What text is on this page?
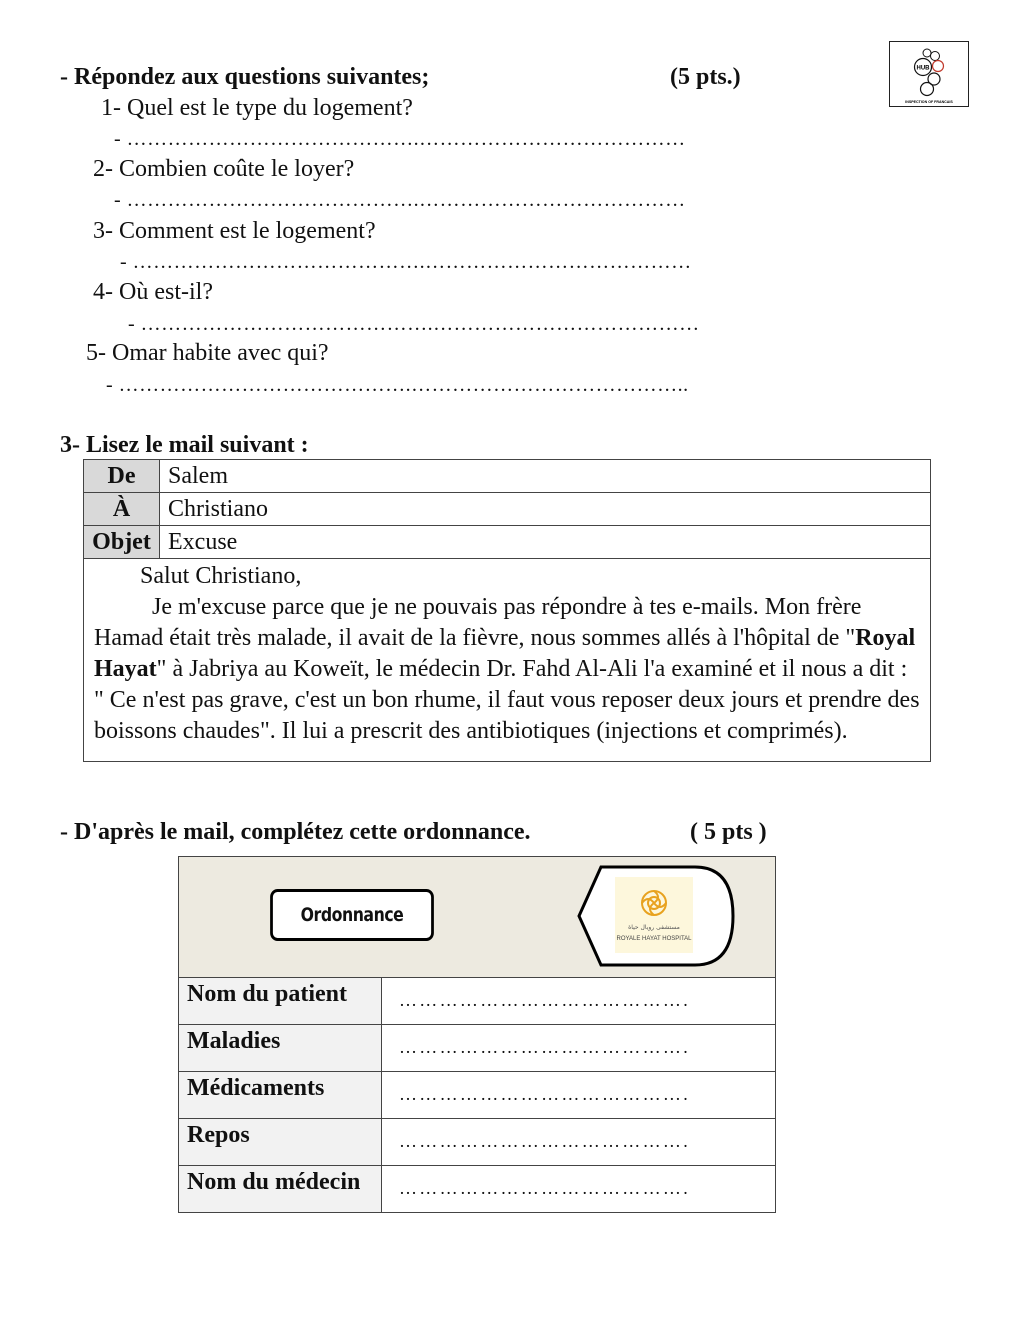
HUB
INSPECTION OF FRANCAIS
- Répondez aux questions suivantes;	(5 pts.)
1- Quel est le type du logement?
- …………………………………….…………………………………
2- Combien coûte le loyer?
- …………………………………….…………………………………
3- Comment est le logement?
- …………………………………….…………………………………
4- Où est-il?
- …………………………………….…………………………………
5- Omar habite avec qui?
- …………………………………….…………………………………..
3- Lisez le mail suivant :
De	Salem
À	Christiano
Objet	Excuse

Salut Christiano,
Je m'excuse parce que je ne pouvais pas répondre à tes e-mails. Mon frère Hamad était très malade, il avait de la fièvre, nous sommes allés à l'hôpital de "Royal Hayat" à Jabriya au Koweït, le médecin Dr. Fahd Al-Ali l'a examiné et il nous a dit : " Ce n'est pas grave, c'est un bon rhume, il faut vous reposer deux jours et prendre des boissons chaudes". Il lui a prescrit des antibiotiques (injections et comprimés).	
- D'après le mail, complétez cette ordonnance.	( 5 pts )
Ordonnance
مستشفى رويال حياة
ROYALE HAYAT HOSPITAL
Nom du patient	…………………………………….
Maladies	…………………………………….
Médicaments	…………………………………….
Repos	…………………………………….
Nom du médecin	…………………………………….
